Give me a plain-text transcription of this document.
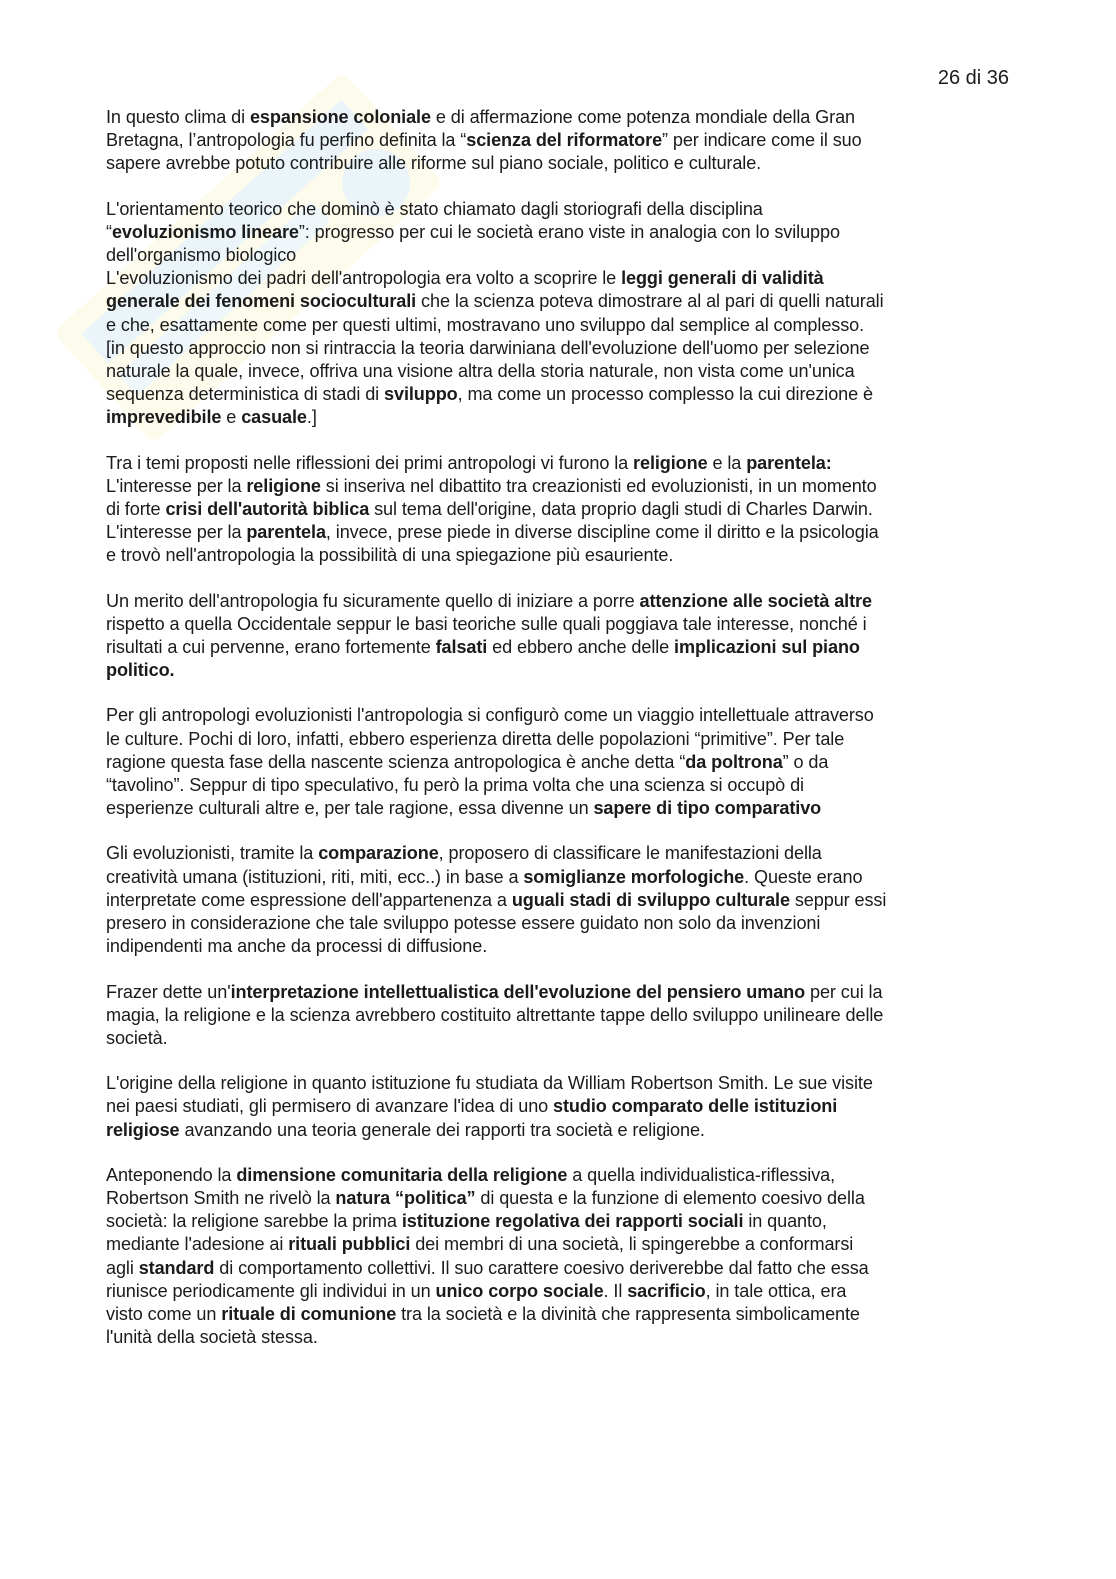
26 di 36
In questo clima di espansione coloniale e di affermazione come potenza mondiale della Gran
Bretagna, l’antropologia fu perfino definita la “scienza del riformatore” per indicare come il suo
sapere avrebbe potuto contribuire alle riforme sul piano sociale, politico e culturale.
L'orientamento teorico che dominò è stato chiamato dagli storiografi della disciplina
“evoluzionismo lineare”: progresso per cui le società erano viste in analogia con lo sviluppo
dell'organismo biologico
L'evoluzionismo dei padri dell'antropologia era volto a scoprire le leggi generali di validità
generale dei fenomeni socioculturali che la scienza poteva dimostrare al al pari di quelli naturali
e che, esattamente come per questi ultimi, mostravano uno sviluppo dal semplice al complesso.
[in questo approccio non si rintraccia la teoria darwiniana dell'evoluzione dell'uomo per selezione
naturale la quale, invece, offriva una visione altra della storia naturale, non vista come un'unica
sequenza deterministica di stadi di sviluppo, ma come un processo complesso la cui direzione è
imprevedibile e casuale.]
Tra i temi proposti nelle riflessioni dei primi antropologi vi furono la religione e la parentela:
L'interesse per la religione si inseriva nel dibattito tra creazionisti ed evoluzionisti, in un momento
di forte crisi dell'autorità biblica sul tema dell'origine, data proprio dagli studi di Charles Darwin.
L'interesse per la parentela, invece, prese piede in diverse discipline come il diritto e la psicologia
e trovò nell'antropologia la possibilità di una spiegazione più esauriente.
Un merito dell'antropologia fu sicuramente quello di iniziare a porre attenzione alle società altre
rispetto a quella Occidentale seppur le basi teoriche sulle quali poggiava tale interesse, nonché i
risultati a cui pervenne, erano fortemente falsati ed ebbero anche delle implicazioni sul piano
politico.
Per gli antropologi evoluzionisti l'antropologia si configurò come un viaggio intellettuale attraverso
le culture. Pochi di loro, infatti, ebbero esperienza diretta delle popolazioni “primitive”. Per tale
ragione questa fase della nascente scienza antropologica è anche detta “da poltrona” o da
“tavolino”. Seppur di tipo speculativo, fu però la prima volta che una scienza si occupò di
esperienze culturali altre e, per tale ragione, essa divenne un sapere di tipo comparativo
Gli evoluzionisti, tramite la comparazione, proposero di classificare le manifestazioni della
creatività umana (istituzioni, riti, miti, ecc..) in base a somiglianze morfologiche. Queste erano
interpretate come espressione dell'appartenenza a uguali stadi di sviluppo culturale seppur essi
presero in considerazione che tale sviluppo potesse essere guidato non solo da invenzioni
indipendenti ma anche da processi di diffusione.
Frazer dette un'interpretazione intellettualistica dell'evoluzione del pensiero umano per cui la
magia, la religione e la scienza avrebbero costituito altrettante tappe dello sviluppo unilineare delle
società.
L'origine della religione in quanto istituzione fu studiata da William Robertson Smith. Le sue visite
nei paesi studiati, gli permisero di avanzare l'idea di uno studio comparato delle istituzioni
religiose avanzando una teoria generale dei rapporti tra società e religione.
Anteponendo la dimensione comunitaria della religione a quella individualistica-riflessiva,
Robertson Smith ne rivelò la natura “politica” di questa e la funzione di elemento coesivo della
società: la religione sarebbe la prima istituzione regolativa dei rapporti sociali in quanto,
mediante l'adesione ai rituali pubblici dei membri di una società, li spingerebbe a conformarsi
agli standard di comportamento collettivi. Il suo carattere coesivo deriverebbe dal fatto che essa
riunisce periodicamente gli individui in un unico corpo sociale. Il sacrificio, in tale ottica, era
visto come un rituale di comunione tra la società e la divinità che rappresenta simbolicamente
l'unità della società stessa.
